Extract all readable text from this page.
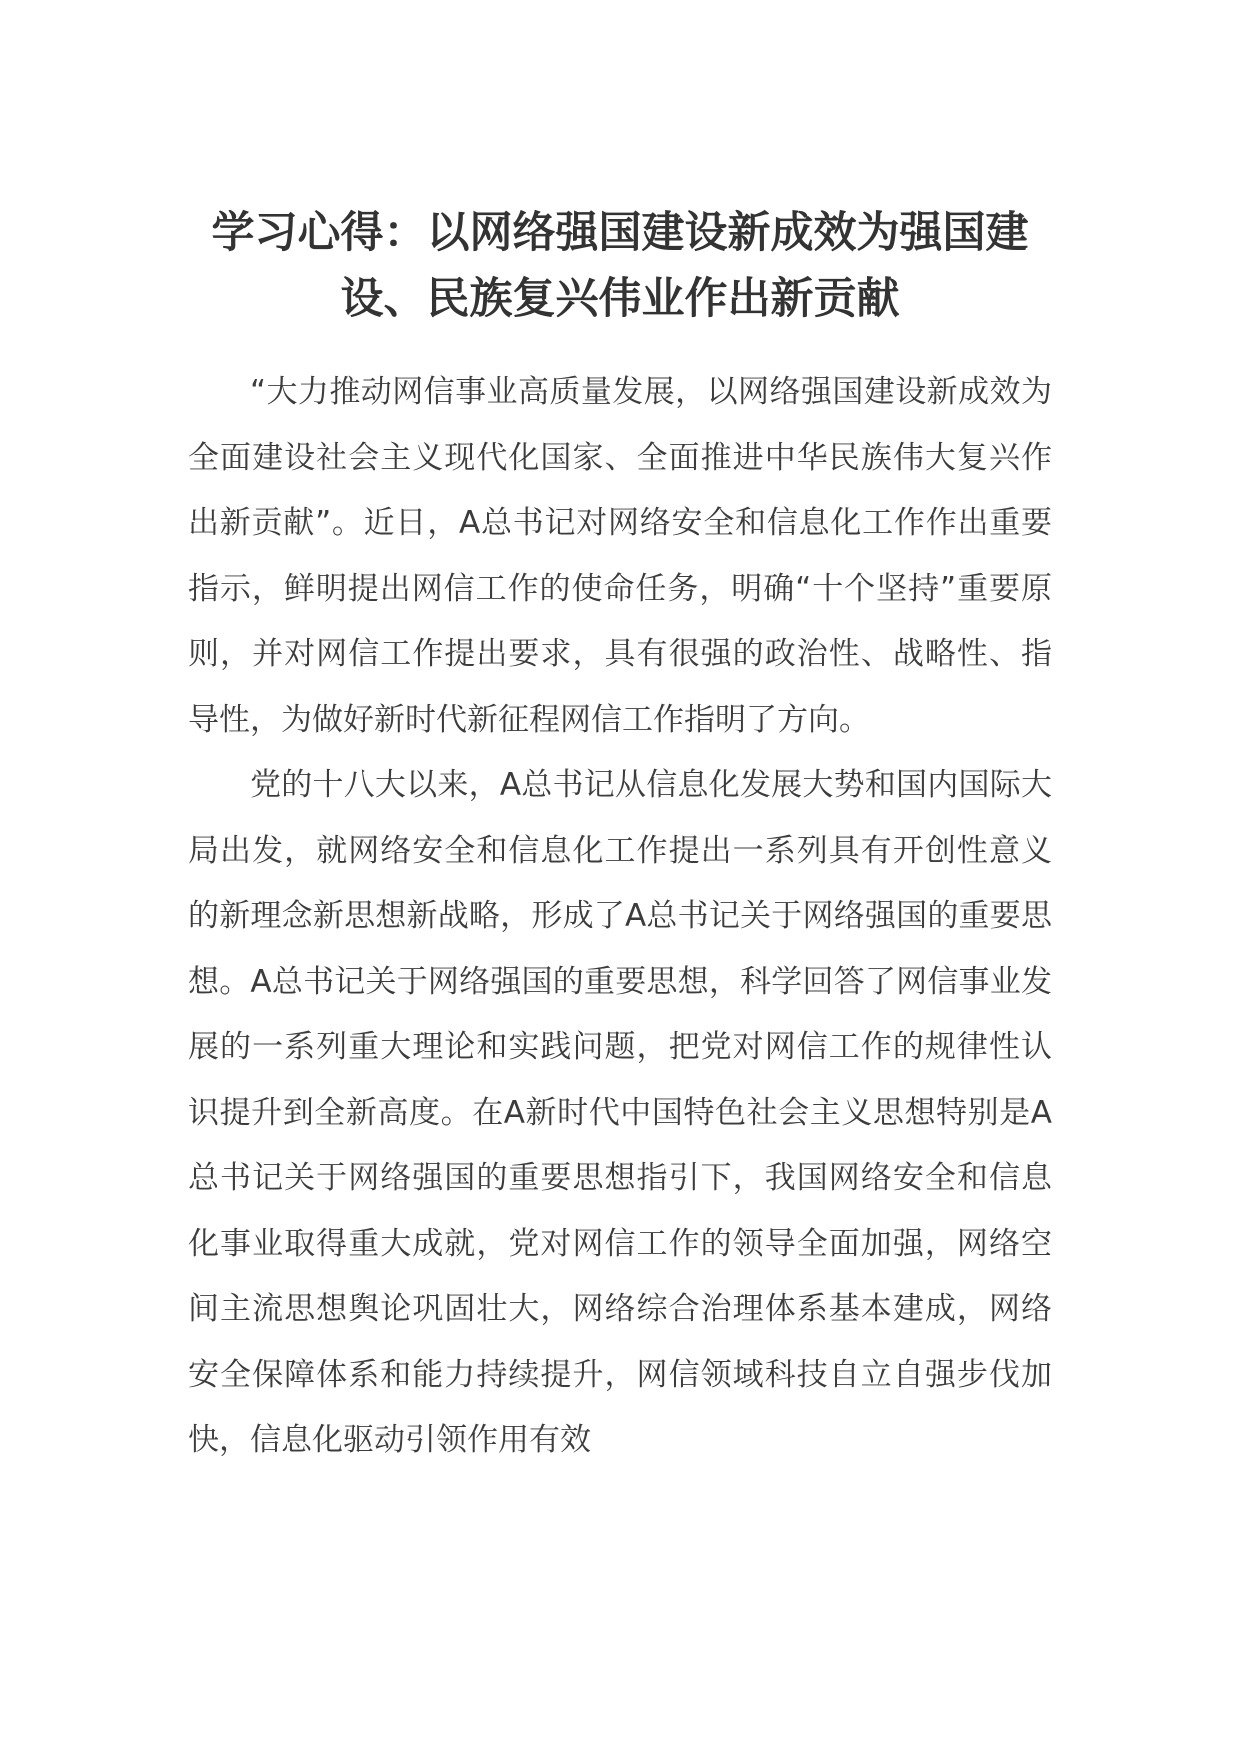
学习心得：以网络强国建设新成效为强国建设、民族复兴伟业作出新贡献

“大力推动网信事业高质量发展，以网络强国建设新成效为全面建设社会主义现代化国家、全面推进中华民族伟大复兴作出新贡献”。近日，A总书记对网络安全和信息化工作作出重要指示，鲜明提出网信工作的使命任务，明确“十个坚持”重要原则，并对网信工作提出要求，具有很强的政治性、战略性、指导性，为做好新时代新征程网信工作指明了方向。

党的十八大以来，A总书记从信息化发展大势和国内国际大局出发，就网络安全和信息化工作提出一系列具有开创性意义的新理念新思想新战略，形成了A总书记关于网络强国的重要思想。A总书记关于网络强国的重要思想，科学回答了网信事业发展的一系列重大理论和实践问题，把党对网信工作的规律性认识提升到全新高度。在A新时代中国特色社会主义思想特别是A总书记关于网络强国的重要思想指引下，我国网络安全和信息化事业取得重大成就，党对网信工作的领导全面加强，网络空间主流思想舆论巩固壮大，网络综合治理体系基本建成，网络安全保障体系和能力持续提升，网信领域科技自立自强步伐加快，信息化驱动引领作用有效
